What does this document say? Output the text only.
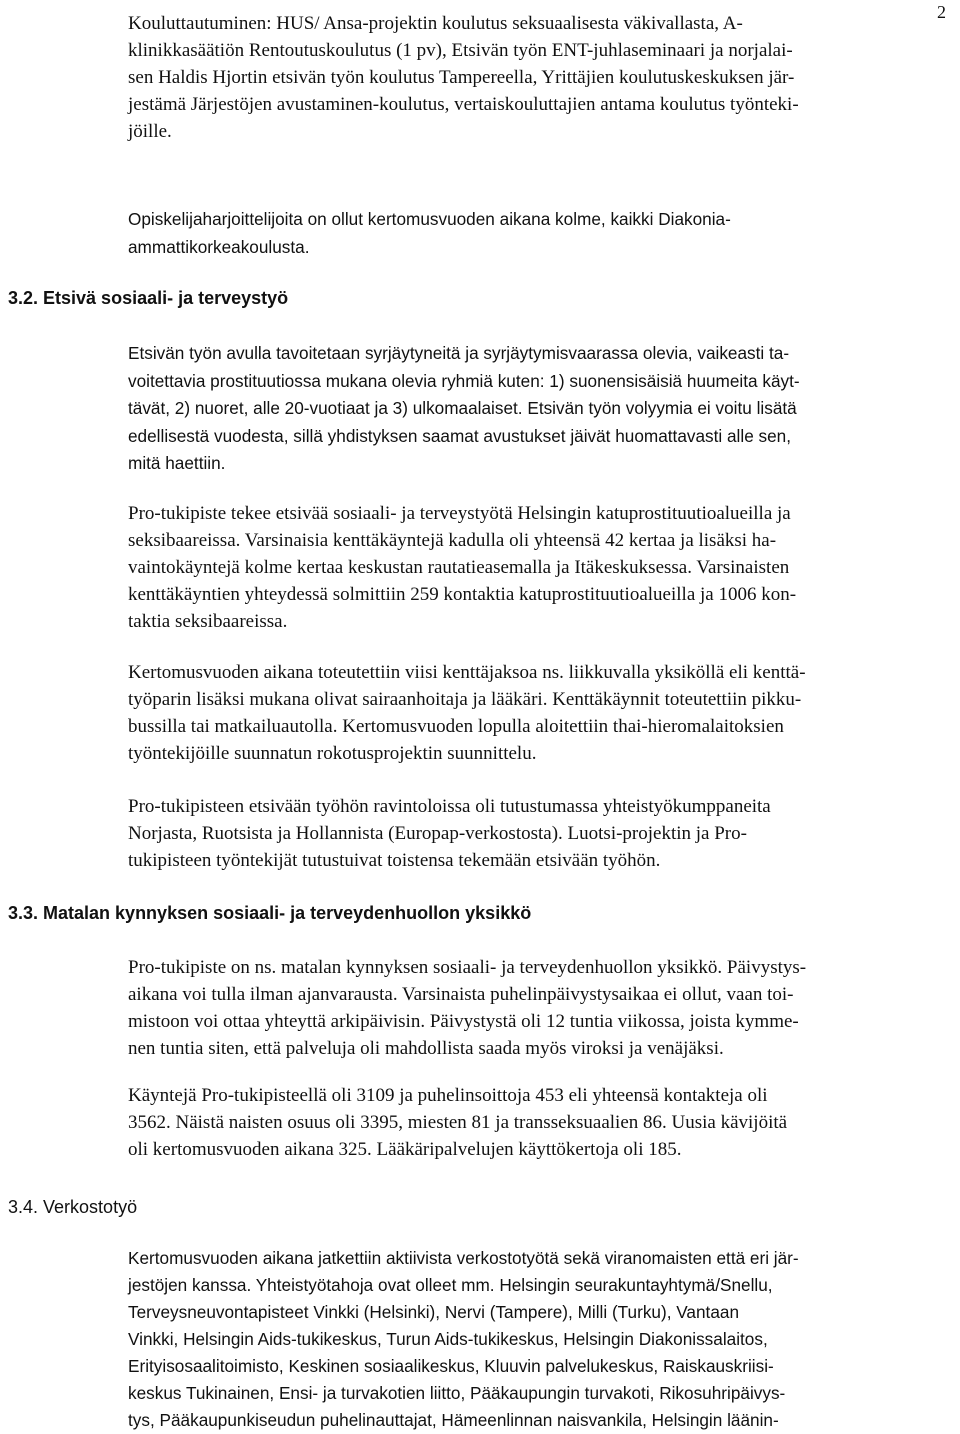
2

Kouluttautuminen: HUS/ Ansa-projektin koulutus seksuaalisesta väkivallasta, A-
klinikkasäätiön Rentoutuskoulutus (1 pv), Etsivän työn ENT-juhlaseminaari ja norjalai-
sen Haldis Hjortin etsivän työn koulutus Tampereella, Yrittäjien koulutuskeskuksen jär-
jestämä Järjestöjen avustaminen-koulutus, vertaiskouluttajien antama koulutus työnteki-
jöille.

Opiskelijaharjoittelijoita on ollut kertomusvuoden aikana kolme, kaikki Diakonia-
ammattikorkeakoulusta.

3.2. Etsivä sosiaali- ja terveystyö

Etsivän työn avulla tavoitetaan syrjäytyneitä ja syrjäytymisvaarassa olevia, vaikeasti ta-
voitettavia prostituutiossa mukana olevia ryhmiä kuten: 1) suonensisäisiä huumeita käyt-
tävät, 2) nuoret, alle 20-vuotiaat ja 3) ulkomaalaiset. Etsivän työn volyymia ei voitu lisätä
edellisestä vuodesta, sillä yhdistyksen saamat avustukset jäivät huomattavasti alle sen,
mitä haettiin.

Pro-tukipiste tekee etsivää sosiaali- ja terveystyötä Helsingin katuprostituutioalueilla ja
seksibaareissa. Varsinaisia kenttäkäyntejä kadulla oli yhteensä 42 kertaa ja lisäksi ha-
vaintokäyntejä kolme kertaa keskustan rautatieasemalla ja Itäkeskuksessa. Varsinaisten
kenttäkäyntien yhteydessä solmittiin 259 kontaktia katuprostituutioalueilla ja 1006 kon-
taktia seksibaareissa.

Kertomusvuoden aikana toteutettiin viisi kenttäjaksoa ns. liikkuvalla yksiköllä eli kenttä-
työparin lisäksi mukana olivat sairaanhoitaja ja lääkäri. Kenttäkäynnit toteutettiin pikku-
bussilla tai matkailuautolla. Kertomusvuoden lopulla aloitettiin thai-hieromalaitoksien
työntekijöille suunnatun rokotusprojektin suunnittelu.

Pro-tukipisteen etsivään työhön ravintoloissa oli tutustumassa yhteistyökumppaneita
Norjasta, Ruotsista ja Hollannista (Europap-verkostosta). Luotsi-projektin ja Pro-
tukipisteen työntekijät tutustuivat toistensa tekemään etsivään työhön.

3.3. Matalan kynnyksen sosiaali- ja terveydenhuollon yksikkö

Pro-tukipiste on ns. matalan kynnyksen sosiaali- ja terveydenhuollon yksikkö. Päivystys-
aikana voi tulla ilman ajanvarausta. Varsinaista puhelinpäivystysaikaa ei ollut, vaan toi-
mistoon voi ottaa yhteyttä arkipäivisin. Päivystystä oli 12 tuntia viikossa, joista kymme-
nen tuntia siten, että palveluja oli mahdollista saada myös viroksi ja venäjäksi.

Käyntejä Pro-tukipisteellä oli 3109 ja puhelinsoittoja 453 eli yhteensä kontakteja oli
3562. Näistä naisten osuus oli 3395, miesten 81 ja transseksuaalien 86. Uusia kävijöitä
oli kertomusvuoden aikana 325. Lääkäripalvelujen käyttökertoja oli 185.

3.4. Verkostotyö

Kertomusvuoden aikana jatkettiin aktiivista verkostotyötä sekä viranomaisten että eri jär-
jestöjen kanssa. Yhteistyötahoja ovat olleet mm. Helsingin seurakuntayhtymä/Snellu,
Terveysneuvontapisteet Vinkki (Helsinki), Nervi (Tampere), Milli (Turku), Vantaan
Vinkki, Helsingin Aids-tukikeskus, Turun Aids-tukikeskus, Helsingin Diakonissalaitos,
Erityisosaalitoimisto, Keskinen sosiaalikeskus, Kluuvin palvelukeskus, Raiskauskriisi-
keskus Tukinainen, Ensi- ja turvakotien liitto, Pääkaupungin turvakoti, Rikosuhripäivys-
tys, Pääkaupunkiseudun puhelinauttajat, Hämeenlinnan naisvankila, Helsingin läänin-
